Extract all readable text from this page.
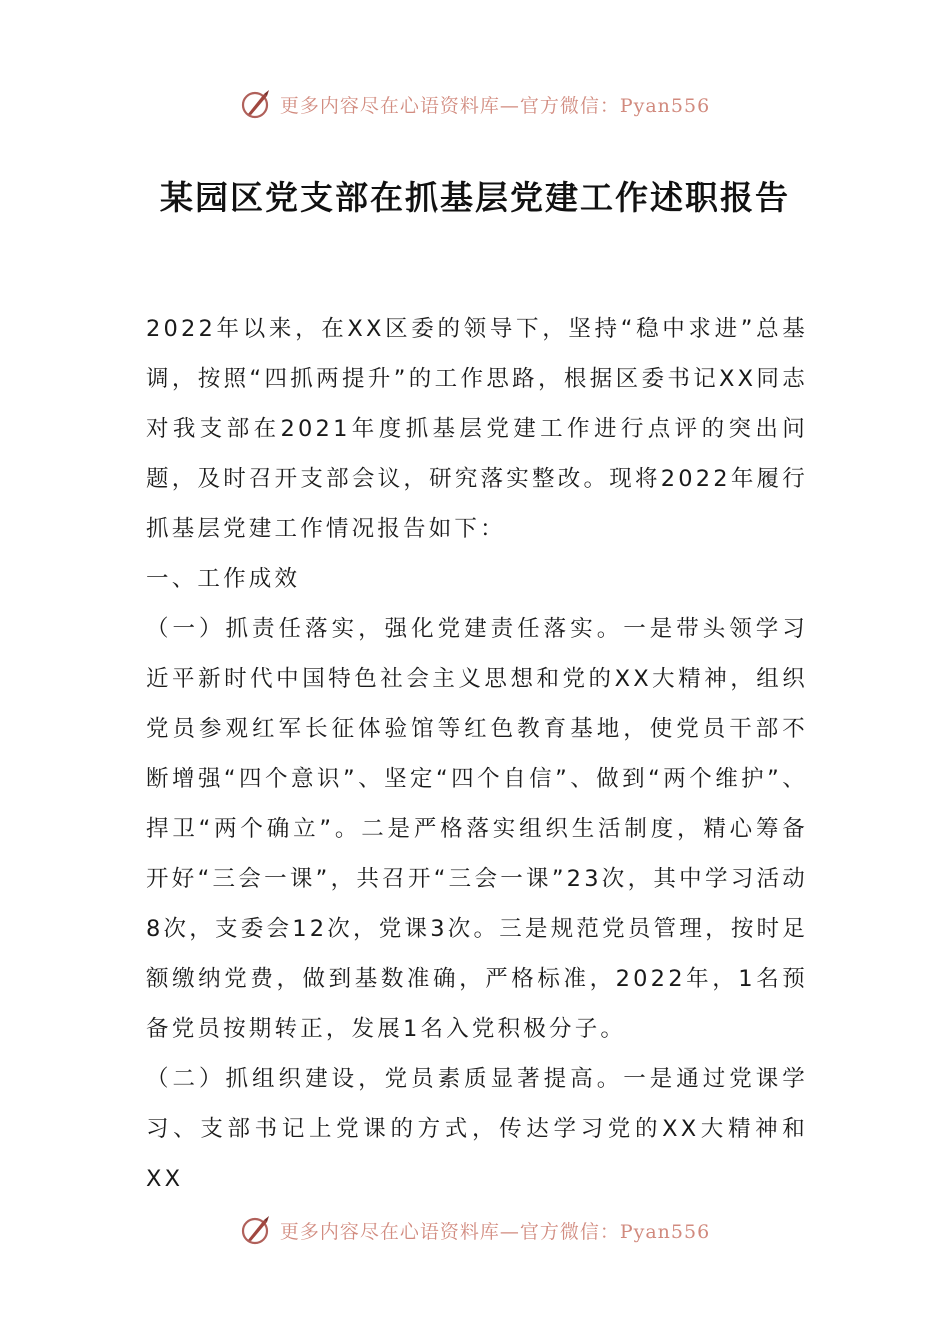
更多内容尽在心语资料库—官方微信：Pyan556
某园区党支部在抓基层党建工作述职报告

2022年以来，在XX区委的领导下，坚持“稳中求进”总基调，按照“四抓两提升”的工作思路，根据区委书记XX同志对我支部在2021年度抓基层党建工作进行点评的突出问题，及时召开支部会议，研究落实整改。现将2022年履行抓基层党建工作情况报告如下：

一、工作成效

（一）抓责任落实，强化党建责任落实。一是带头领学习近平新时代中国特色社会主义思想和党的XX大精神，组织党员参观红军长征体验馆等红色教育基地，使党员干部不断增强“四个意识”、坚定“四个自信”、做到“两个维护”、捍卫“两个确立”。二是严格落实组织生活制度，精心筹备开好“三会一课”，共召开“三会一课”23次，其中学习活动8次，支委会12次，党课3次。三是规范党员管理，按时足额缴纳党费，做到基数准确，严格标准，2022年，1名预备党员按期转正，发展1名入党积极分子。

（二）抓组织建设，党员素质显著提高。一是通过党课学习、支部书记上党课的方式，传达学习党的XX大精神和XX

更多内容尽在心语资料库—官方微信：Pyan556
